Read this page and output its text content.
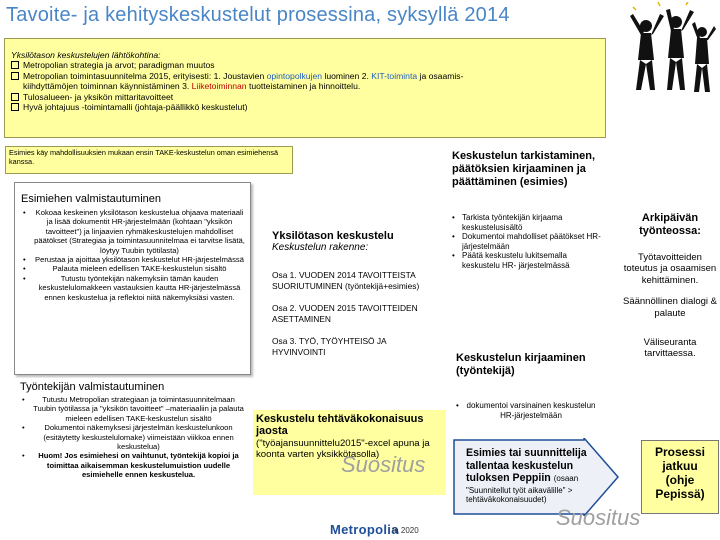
Tavoite- ja kehityskeskustelut prosessina, syksyllä 2014
Yksilötason keskustelujen lähtökohtina:
Metropolian strategia ja arvot; paradigman muutos
Metropolian toimintasuunnitelma 2015, erityisesti: 1. Joustavien opintopolkujen luominen 2. KIT-toiminta ja osaamis-
kiihdyttämöjen toiminnan käynnistäminen 3. Liiketoiminnan tuotteistaminen ja hinnoittelu.
Tulosalueen- ja yksikön mittaritavoitteet
Hyvä johtajuus -toimintamalli (johtaja-päällikkö keskustelut)
Esimies käy mahdollisuuksien mukaan ensin TAKE-keskustelun oman esimiehensä kanssa.
Esimiehen valmistautuminen
• Kokoaa keskeinen yksilötason keskustelua ohjaava materiaali ja lisää dokumentit HR-järjestelmään (kohtaan "yksikön tavoitteet") ja linjaavien ryhmäkeskustelujen mahdolliset päätökset (Strategiaa ja toimintasuunnitelmaa ei tarvitse lisätä, löytyy Tuubin työtilasta)
• Perustaa ja ajoittaa yksilötason keskustelut HR-järjestelmässä
• Palauta mieleen edellisen TAKE-keskustelun sisältö
• Tutustu työntekijän näkemyksiin tämän kauden keskustelulomakkeen vastauksien kautta HR-järjestelmässä ennen keskustelua ja reflektoi niitä näkemyksiäsi vasten.
Työntekijän valmistautuminen
• Tutustu Metropolian strategiaan ja toimintasuunnitelmaan Tuubin työtilassa ja "yksikön tavoitteet" –materiaaliin ja palauta mieleen edellisen TAKE-keskustelun sisältö
• Dokumentoi näkemyksesi järjestelmän keskustelunkoon (esitäytetty keskustelulomake) viimeistään viikkoa ennen keskustelua)
• Huom! Jos esimiehesi on vaihtunut, työntekijä kopioi ja toimittaa aikaisemman keskustelumuistion uudelle esimiehelle ennen keskustelua.
Yksilötason keskustelu
Keskustelun rakenne:
Osa 1. VUODEN 2014 TAVOITTEISTA SUORIUTUMINEN (työntekijä+esimies)
Osa 2. VUODEN 2015 TAVOITTEIDEN ASETTAMINEN
Osa 3. TYÖ, TYÖYHTEISÖ JA HYVINVOINTI
Keskustelu tehtäväkokonaisuus jaosta
("työajansuunnittelu2015"-excel apuna ja koonta varten yksikkötasolla)
Suositus
Keskustelun tarkistaminen, päätöksien kirjaaminen ja päättäminen (esimies)
• Tarkista työntekijän kirjaama keskustelusisältö
• Dokumentoi mahdolliset päätökset HR-järjestelmään
• Päätä keskustelu lukitsemalla keskustelu HR- järjestelmässä
Keskustelun kirjaaminen (työntekijä)
• dokumentoi varsinainen keskustelun HR-järjestelmään
Esimies tai suunnittelija tallentaa keskustelun tuloksen Peppiin (osaan
"Suunnitellut työt aikavälille" > tehtäväkokonaisuudet)
Suositus
Arkipäivän työnteossa:
Työtavoitteiden toteutus ja osaamisen kehittäminen.
Säännöllinen dialogi & palaute
Väliseuranta tarvittaessa.
Prosessi jatkuu
(ohje Pepissä)
Metropolia
ta 2020
